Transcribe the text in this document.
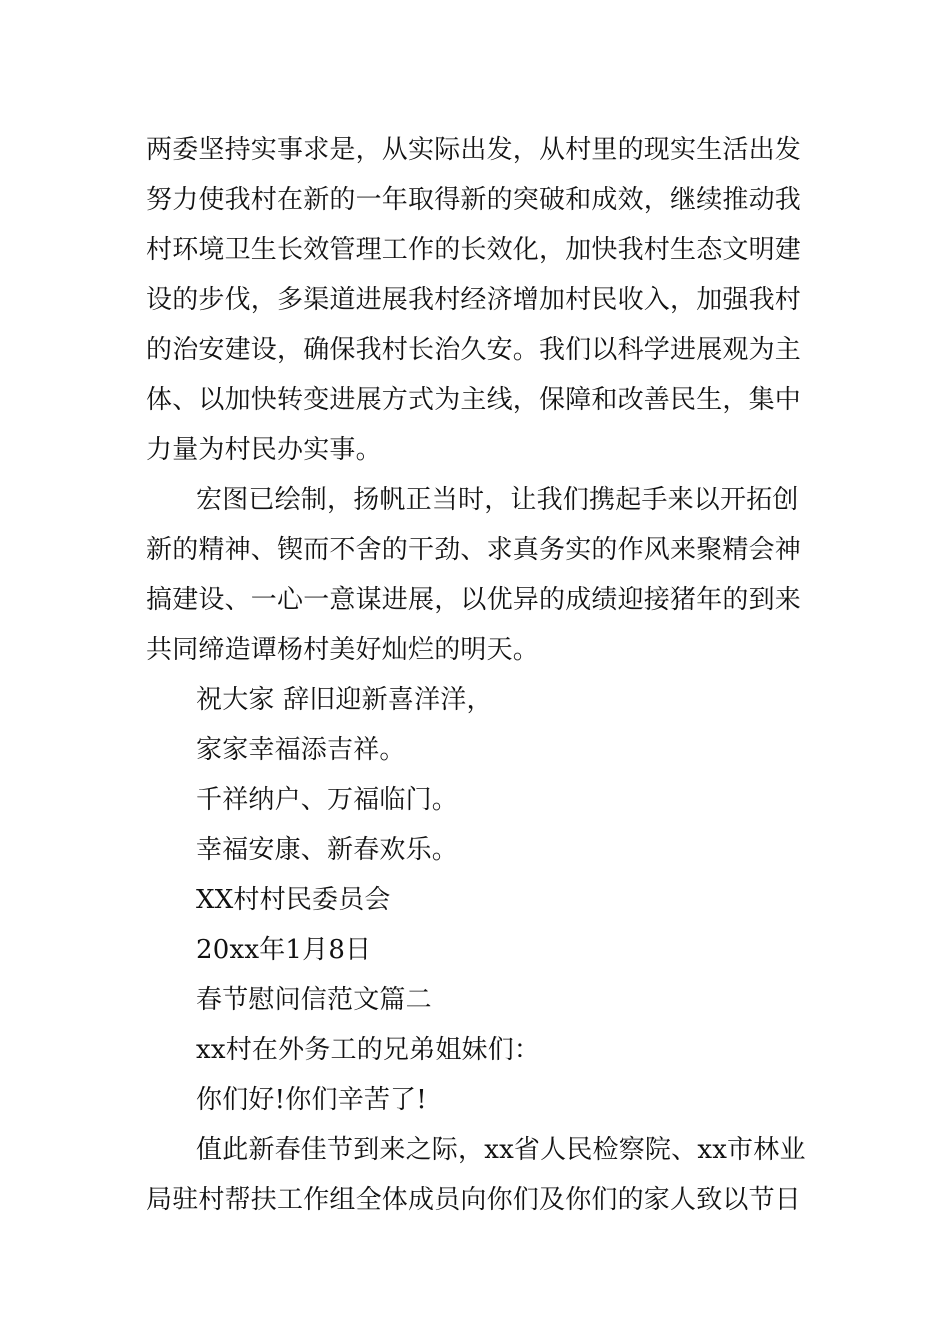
两委坚持实事求是，从实际出发，从村里的现实生活出发
努力使我村在新的一年取得新的突破和成效，继续推动我
村环境卫生长效管理工作的长效化，加快我村生态文明建
设的步伐，多渠道进展我村经济增加村民收入，加强我村
的治安建设，确保我村长治久安。我们以科学进展观为主
体、以加快转变进展方式为主线，保障和改善民生，集中
力量为村民办实事。
宏图已绘制，扬帆正当时，让我们携起手来以开拓创
新的精神、锲而不舍的干劲、求真务实的作风来聚精会神
搞建设、一心一意谋进展，以优异的成绩迎接猪年的到来
共同缔造谭杨村美好灿烂的明天。
祝大家 辞旧迎新喜洋洋，
家家幸福添吉祥。
千祥纳户、万福临门。
幸福安康、新春欢乐。
XX村村民委员会
20xx年1月8日
春节慰问信范文篇二
xx村在外务工的兄弟姐妹们：
你们好!你们辛苦了!
值此新春佳节到来之际，xx省人民检察院、xx市林业
局驻村帮扶工作组全体成员向你们及你们的家人致以节日
